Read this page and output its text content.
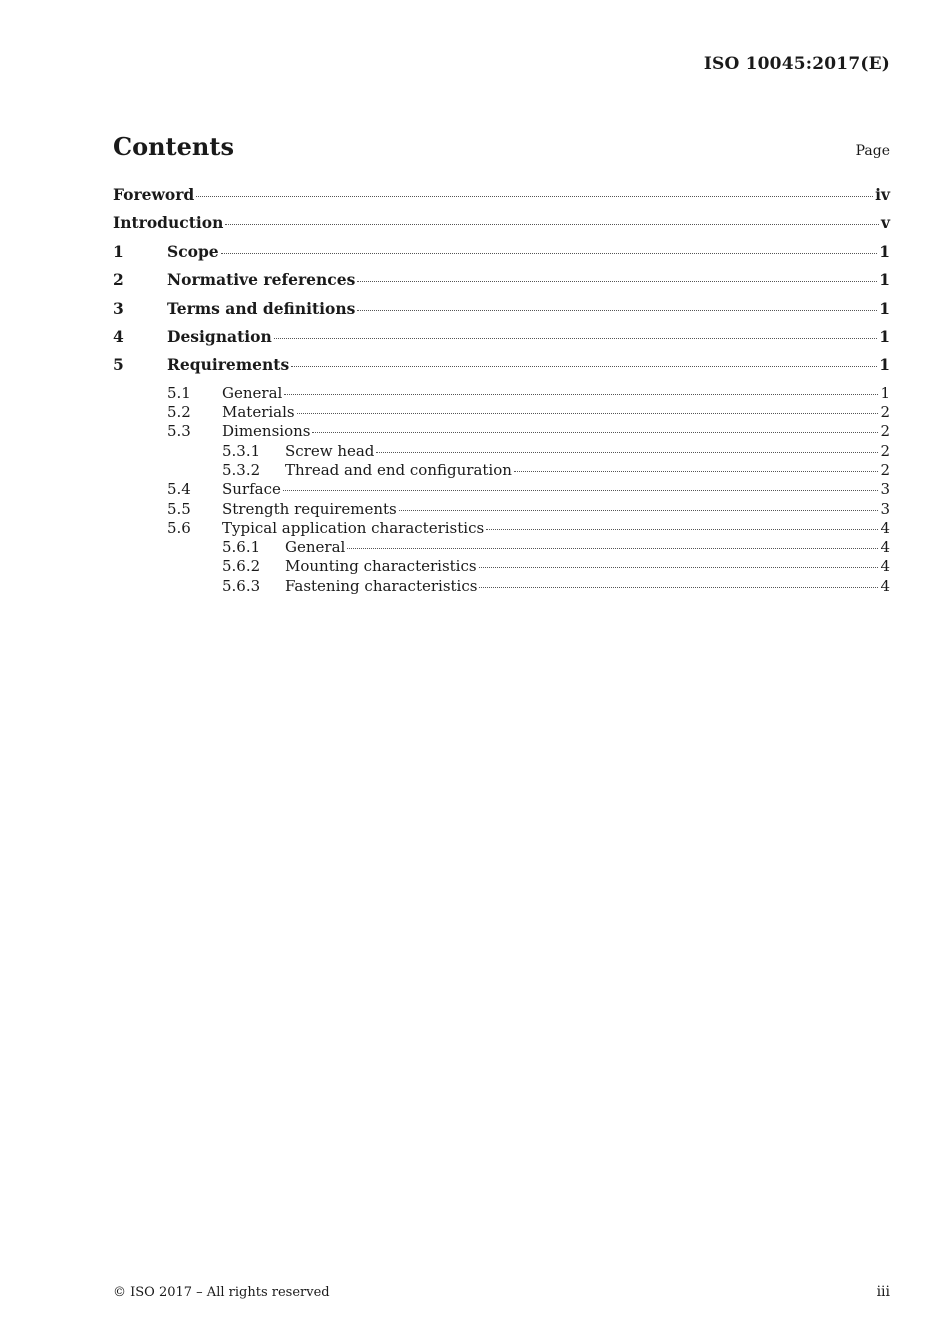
ISO 10045:2017(E)
Contents	Page
Foreword	iv
Introduction	v
1	Scope	1
2	Normative references	1
3	Terms and definitions	1
4	Designation	1
5	Requirements	1
5.1	General	1
5.2	Materials	2
5.3	Dimensions	2
5.3.1	Screw head	2
5.3.2	Thread and end configuration	2
5.4	Surface	3
5.5	Strength requirements	3
5.6	Typical application characteristics	4
5.6.1	General	4
5.6.2	Mounting characteristics	4
5.6.3	Fastening characteristics	4
© ISO 2017 – All rights reserved	iii
